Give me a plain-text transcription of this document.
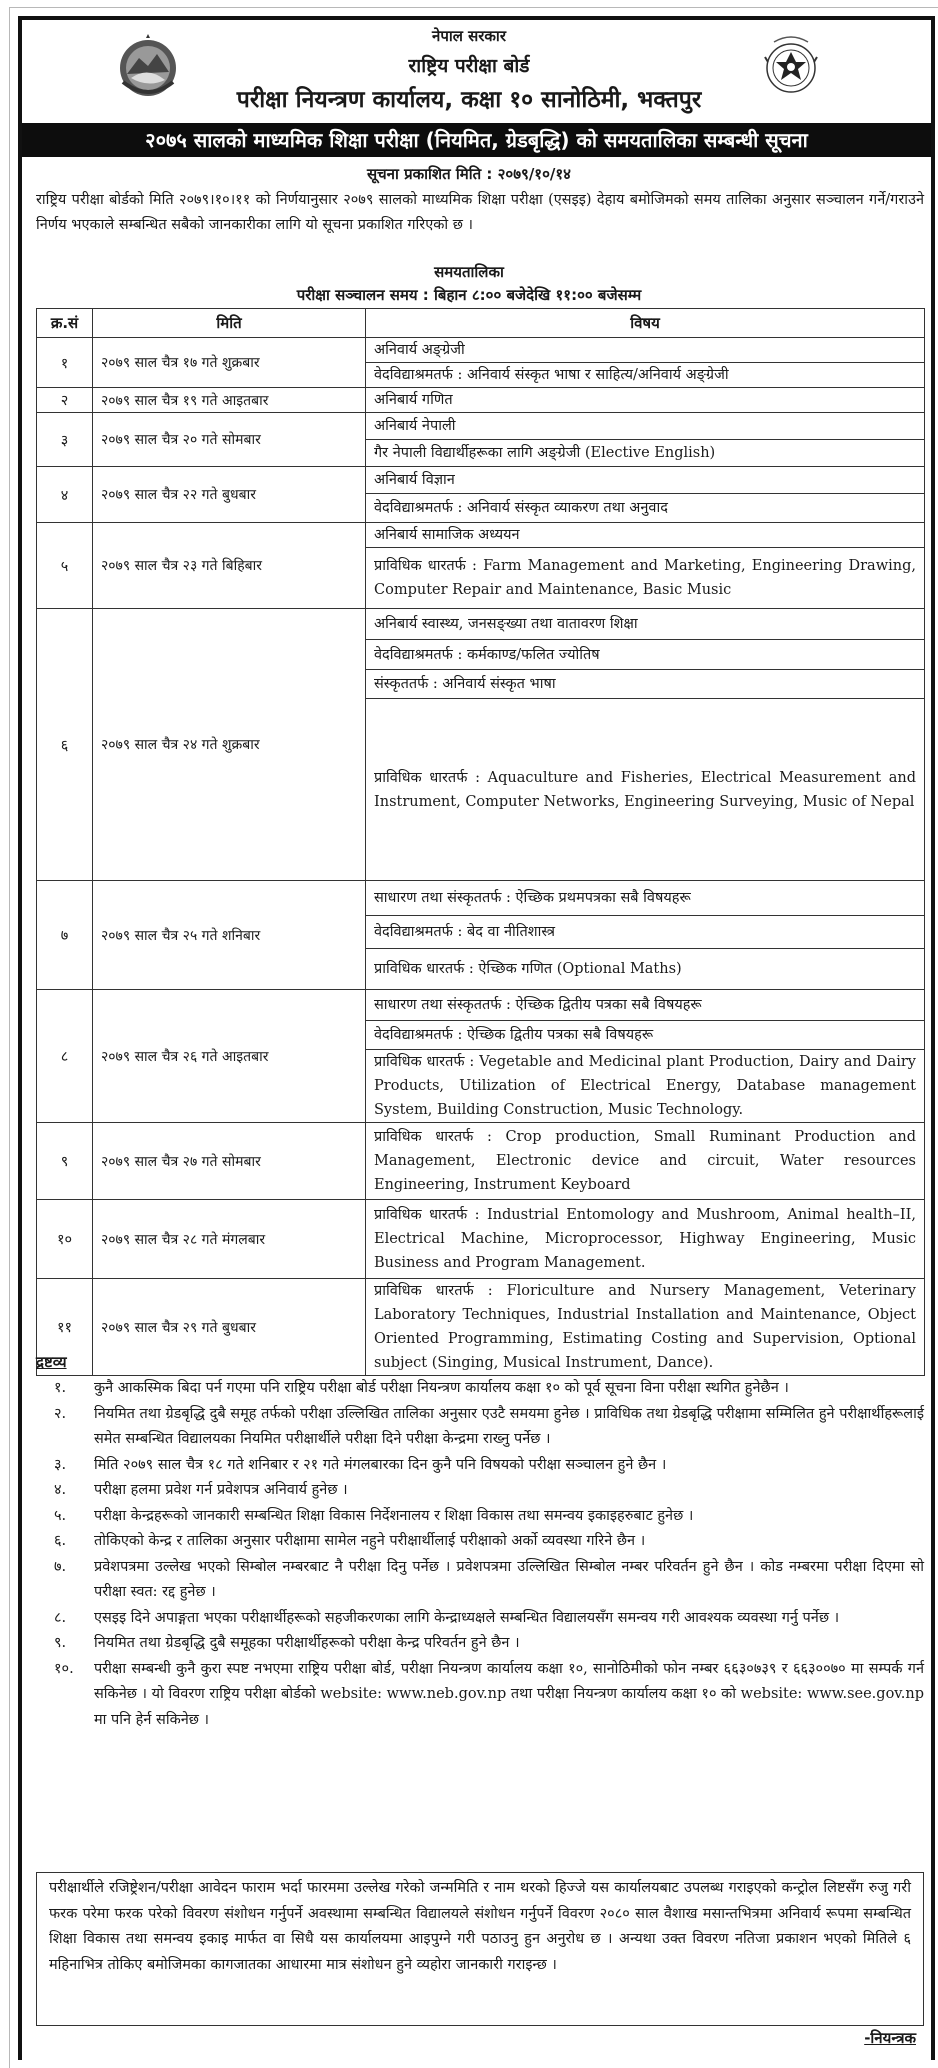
नेपाल सरकार
राष्ट्रिय परीक्षा बोर्ड
परीक्षा नियन्त्रण कार्यालय, कक्षा १० सानोठिमी, भक्तपुर
२०७५ सालको माध्यमिक शिक्षा परीक्षा (नियमित, ग्रेडबृद्धि) को समयतालिका सम्बन्धी सूचना
सूचना प्रकाशित मिति : २०७९/१०/१४
राष्ट्रिय परीक्षा बोर्डको मिति २०७९।१०।११ को निर्णयानुसार २०७९ सालको माध्यमिक शिक्षा परीक्षा (एसइइ) देहाय बमोजिमको समय तालिका अनुसार सञ्चालन गर्ने/गराउने निर्णय भएकाले सम्बन्धित सबैको जानकारीका लागि यो सूचना प्रकाशित गरिएको छ ।
समयतालिका
परीक्षा सञ्चालन समय : बिहान ८:०० बजेदेखि ११:०० बजेसम्म
क्र.सं	मिति	विषय
१	२०७९ साल चैत्र १७ गते शुक्रबार	अनिवार्य अङ्ग्रेजी
		वेदविद्याश्रमतर्फ : अनिवार्य संस्कृत भाषा र साहित्य/अनिवार्य अङ्ग्रेजी
२	२०७९ साल चैत्र १९ गते आइतबार	अनिबार्य गणित
३	२०७९ साल चैत्र २० गते सोमबार	अनिबार्य नेपाली
		गैर नेपाली विद्यार्थीहरूका लागि अङ्ग्रेजी (Elective English)
४	२०७९ साल चैत्र २२ गते बुधबार	अनिबार्य विज्ञान
		वेदविद्याश्रमतर्फ : अनिवार्य संस्कृत व्याकरण तथा अनुवाद
५	२०७९ साल चैत्र २३ गते बिहिबार	अनिबार्य सामाजिक अध्ययन
		प्राविधिक धारतर्फ : Farm Management and Marketing, Engineering Drawing, Computer Repair and Maintenance, Basic Music
६	२०७९ साल चैत्र २४ गते शुक्रबार	अनिबार्य स्वास्थ्य, जनसङ्ख्या तथा वातावरण शिक्षा
		वेदविद्याश्रमतर्फ : कर्मकाण्ड/फलित ज्योतिष
		संस्कृततर्फ : अनिवार्य संस्कृत भाषा
		प्राविधिक धारतर्फ : Aquaculture and Fisheries, Electrical Measurement and Instrument, Computer Networks, Engineering Surveying, Music of Nepal
७	२०७९ साल चैत्र २५ गते शनिबार	साधारण तथा संस्कृततर्फ : ऐच्छिक प्रथमपत्रका सबै विषयहरू
		वेदविद्याश्रमतर्फ : बेद वा नीतिशास्त्र
		प्राविधिक धारतर्फ : ऐच्छिक गणित (Optional Maths)
८	२०७९ साल चैत्र २६ गते आइतबार	साधारण तथा संस्कृततर्फ : ऐच्छिक द्वितीय पत्रका सबै विषयहरू
		वेदविद्याश्रमतर्फ : ऐच्छिक द्वितीय पत्रका सबै विषयहरू
		प्राविधिक धारतर्फ : Vegetable and Medicinal plant Production, Dairy and Dairy Products, Utilization of Electrical Energy, Database management System, Building Construction, Music Technology.
९	२०७९ साल चैत्र २७ गते सोमबार	प्राविधिक धारतर्फ : Crop production, Small Ruminant Production and Management, Electronic device and circuit, Water resources Engineering, Instrument Keyboard
१०	२०७९ साल चैत्र २८ गते मंगलबार	प्राविधिक धारतर्फ : Industrial Entomology and Mushroom, Animal health–II, Electrical Machine, Microprocessor, Highway Engineering, Music Business and Program Management.
११	२०७९ साल चैत्र २९ गते बुधबार	प्राविधिक धारतर्फ : Floriculture and Nursery Management, Veterinary Laboratory Techniques, Industrial Installation and Maintenance, Object Oriented Programming, Estimating Costing and Supervision, Optional subject (Singing, Musical Instrument, Dance).
द्रष्टव्य
१. कुनै आकस्मिक बिदा पर्न गएमा पनि राष्ट्रिय परीक्षा बोर्ड परीक्षा नियन्त्रण कार्यालय कक्षा १० को पूर्व सूचना विना परीक्षा स्थगित हुनेछैन ।
२. नियमित तथा ग्रेडबृद्धि दुबै समूह तर्फको परीक्षा उल्लिखित तालिका अनुसार एउटै समयमा हुनेछ । प्राविधिक तथा ग्रेडबृद्धि परीक्षामा सम्मिलित हुने परीक्षार्थीहरूलाई समेत सम्बन्धित विद्यालयका नियमित परीक्षार्थीले परीक्षा दिने परीक्षा केन्द्रमा राख्नु पर्नेछ ।
३. मिति २०७९ साल चैत्र १८ गते शनिबार र २१ गते मंगलबारका दिन कुनै पनि विषयको परीक्षा सञ्चालन हुने छैन ।
४. परीक्षा हलमा प्रवेश गर्न प्रवेशपत्र अनिवार्य हुनेछ ।
५. परीक्षा केन्द्रहरूको जानकारी सम्बन्धित शिक्षा विकास निर्देशनालय र शिक्षा विकास तथा समन्वय इकाइहरुबाट हुनेछ ।
६. तोकिएको केन्द्र र तालिका अनुसार परीक्षामा सामेल नहुने परीक्षार्थीलाई परीक्षाको अर्को व्यवस्था गरिने छैन ।
७. प्रवेशपत्रमा उल्लेख भएको सिम्बोल नम्बरबाट नै परीक्षा दिनु पर्नेछ । प्रवेशपत्रमा उल्लिखित सिम्बोल नम्बर परिवर्तन हुने छैन । कोड नम्बरमा परीक्षा दिएमा सो परीक्षा स्वत: रद्द हुनेछ ।
८. एसइइ दिने अपाङ्गता भएका परीक्षार्थीहरूको सहजीकरणका लागि केन्द्राध्यक्षले सम्बन्धित विद्यालयसँग समन्वय गरी आवश्यक व्यवस्था गर्नु पर्नेछ ।
९. नियमित तथा ग्रेडबृद्धि दुबै समूहका परीक्षार्थीहरूको परीक्षा केन्द्र परिवर्तन हुने छैन ।
१०. परीक्षा सम्बन्धी कुनै कुरा स्पष्ट नभएमा राष्ट्रिय परीक्षा बोर्ड, परीक्षा नियन्त्रण कार्यालय कक्षा १०, सानोठिमीको फोन नम्बर ६६३०७३९ र ६६३००७० मा सम्पर्क गर्न सकिनेछ । यो विवरण राष्ट्रिय परीक्षा बोर्डको website: www.neb.gov.np तथा परीक्षा नियन्त्रण कार्यालय कक्षा १० को website: www.see.gov.np मा पनि हेर्न सकिनेछ ।
परीक्षार्थीले रजिष्ट्रेशन/परीक्षा आवेदन फाराम भर्दा फारममा उल्लेख गरेको जन्ममिति र नाम थरको हिज्जे यस कार्यालयबाट उपलब्ध गराइएको कन्ट्रोल लिष्टसँग रुजु गरी फरक परेमा फरक परेको विवरण संशोधन गर्नुपर्ने अवस्थामा सम्बन्धित विद्यालयले संशोधन गर्नुपर्ने विवरण २०८० साल वैशाख मसान्तभित्रमा अनिवार्य रूपमा सम्बन्धित शिक्षा विकास तथा समन्वय इकाइ मार्फत वा सिधै यस कार्यालयमा आइपुग्ने गरी पठाउनु हुन अनुरोध छ । अन्यथा उक्त विवरण नतिजा प्रकाशन भएको मितिले ६ महिनाभित्र तोकिए बमोजिमका कागजातका आधारमा मात्र संशोधन हुने व्यहोरा जानकारी गराइन्छ ।
-नियन्त्रक
